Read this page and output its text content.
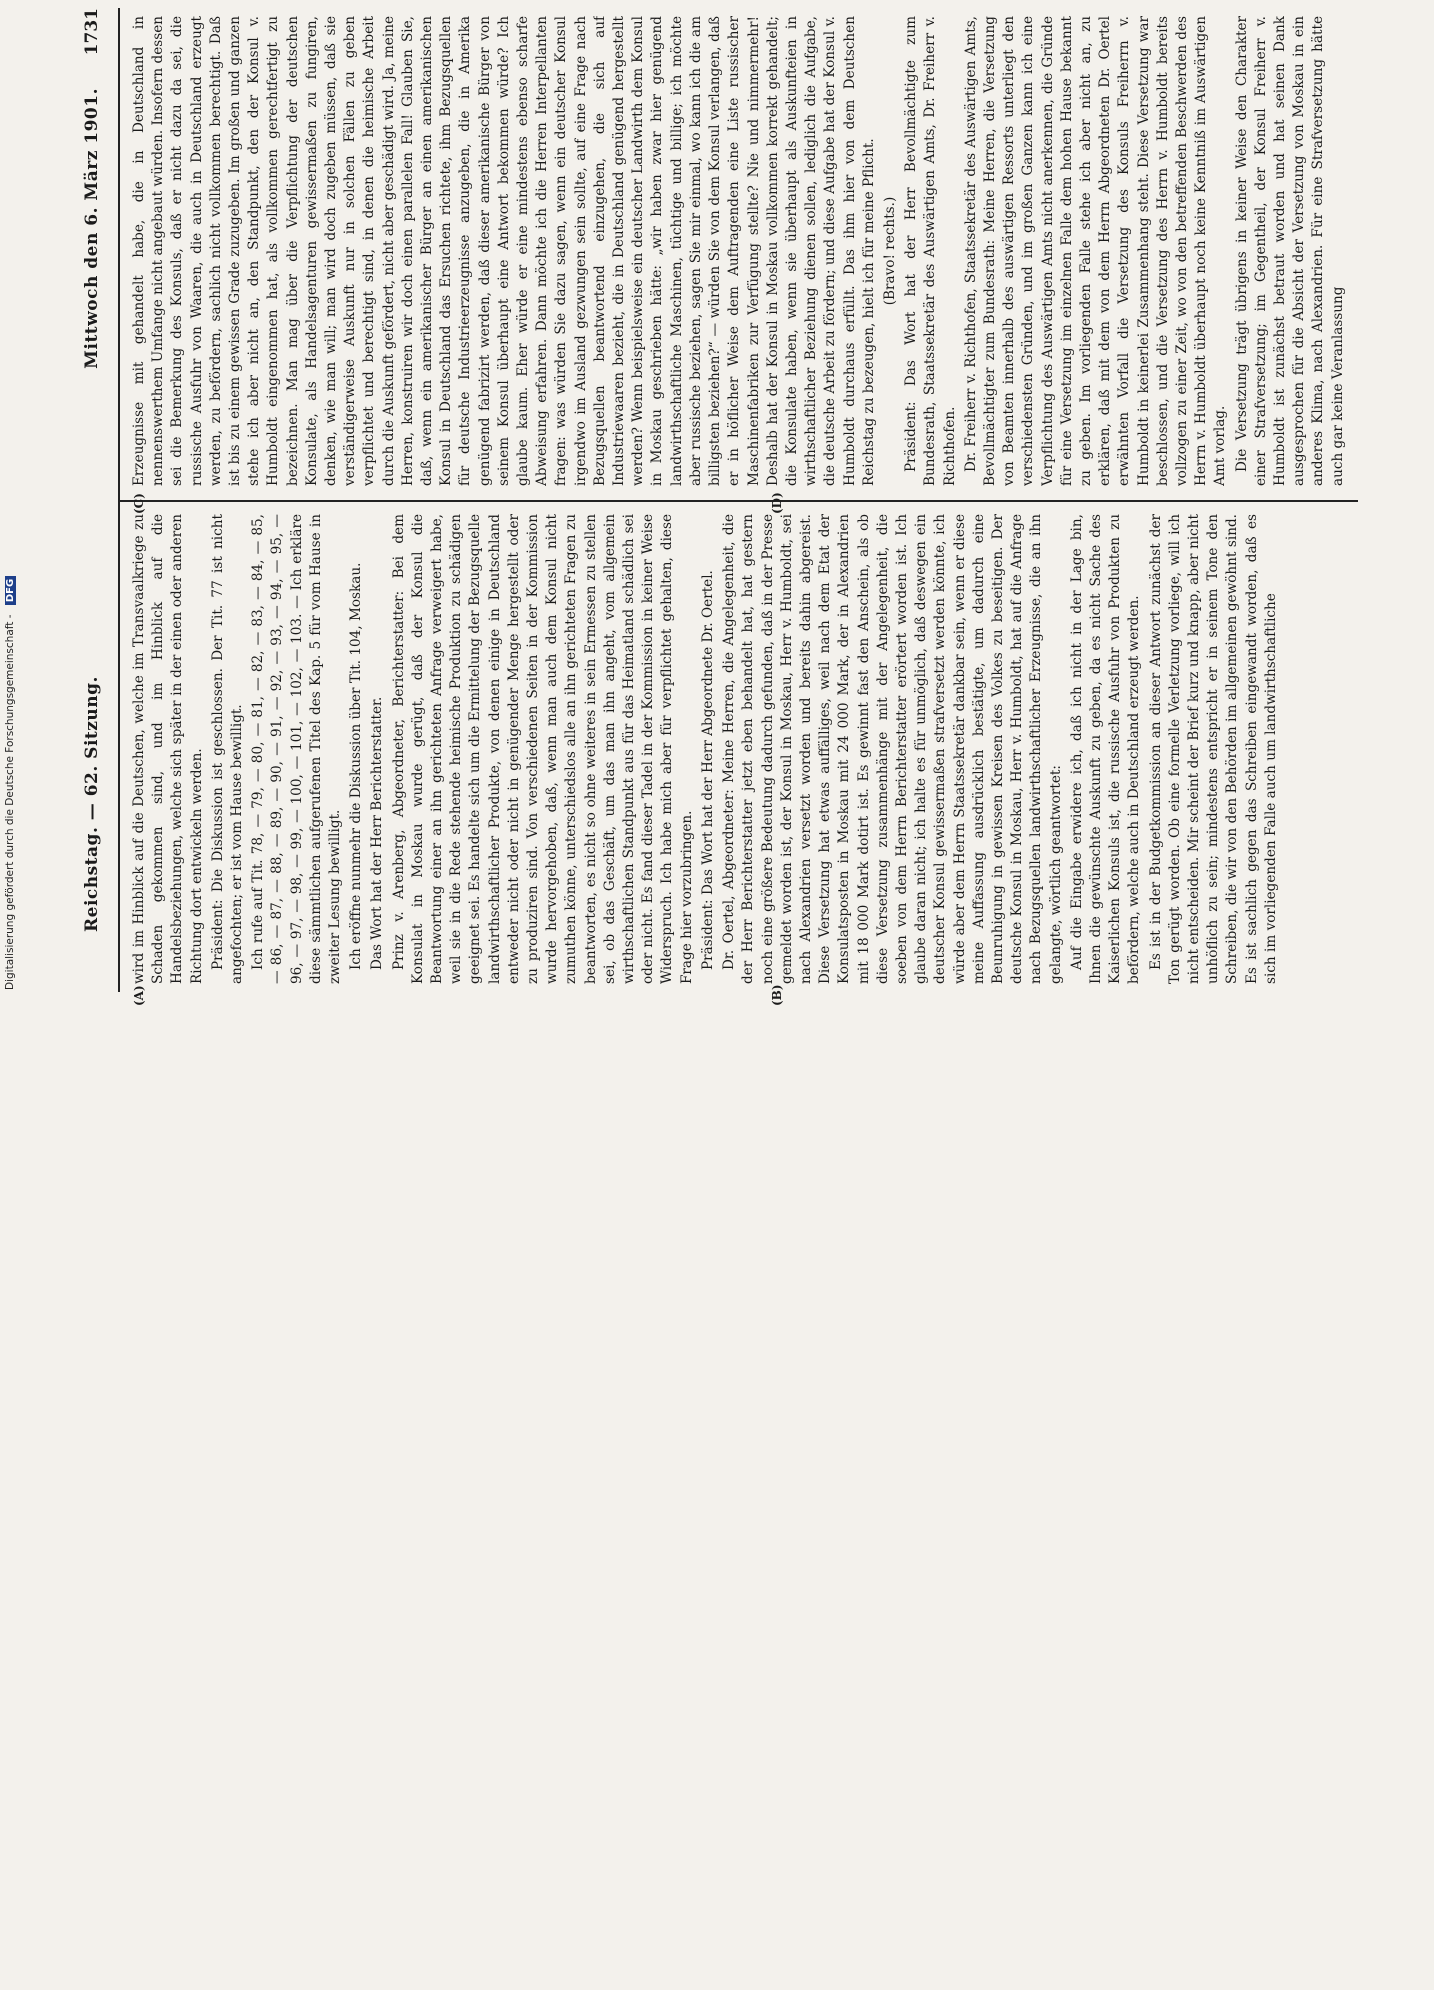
Reichstag. — 62. Sitzung.
Mittwoch den 6. März 1901.
1731
(A)	(B)
(C)	(D)

wird im Hinblick auf die Deutschen, welche im Transvaalkriege zu Schaden gekommen sind, und im Hinblick auf die Handelsbeziehungen, welche sich später in der einen oder anderen Richtung dort entwickeln werden. Präsident: Die Diskussion ist geschlossen. Der Tit. 77 ist nicht angefochten; er ist vom Hause bewilligt. Ich rufe auf Tit. 78, — 79, — 80, — 81, — 82, — 83, — 84, — 85, — 86, — 87, — 88, — 89, — 90, — 91, — 92, — 93, — 94, — 95, — 96, — 97, — 98, — 99, — 100, — 101, — 102, — 103. — Ich erkläre diese sämmtlichen aufgerufenen Titel des Kap. 5 für vom Hause in zweiter Lesung bewilligt. Ich eröffne nunmehr die Diskussion über Tit. 104, Moskau. Das Wort hat der Herr Berichterstatter. Prinz v. Arenberg, Abgeordneter, Berichterstatter: Bei dem Konsulat in Moskau wurde gerügt, daß der Konsul die Beantwortung einer an ihn gerichteten Anfrage verweigert habe, weil sie in die Rede stehende heimische Produktion zu schädigen geeignet sei. Es handelte sich um die Ermittelung der Bezugsquelle landwirthschaftlicher Produkte, von denen einige in Deutschland entweder nicht oder nicht in genügender Menge hergestellt oder zu produziren sind. Von verschiedenen Seiten in der Kommission wurde hervorgehoben, daß, wenn man auch dem Konsul nicht zumuthen könne, unterschiedslos alle an ihn gerichteten Fragen zu beantworten, es nicht so ohne weiteres in sein Ermessen zu stellen sei, ob das Geschäft, um das man ihn angeht, vom allgemein wirthschaftlichen Standpunkt aus für das Heimatland schädlich sei oder nicht. Es fand dieser Tadel in der Kommission in keiner Weise Widerspruch. Ich habe mich aber für verpflichtet gehalten, diese Frage hier vorzubringen. Präsident: Das Wort hat der Herr Abgeordnete Dr. Oertel. Dr. Oertel, Abgeordneter: Meine Herren, die Angelegenheit, die der Herr Berichterstatter jetzt eben behandelt hat, hat gestern noch eine größere Bedeutung dadurch gefunden, daß in der Presse gemeldet worden ist, der Konsul in Moskau, Herr v. Humboldt, sei nach Alexandrien versetzt worden und bereits dahin abgereist. Diese Versetzung hat etwas auffälliges, weil nach dem Etat der Konsulatsposten in Moskau mit 24 000 Mark, der in Alexandrien mit 18 000 Mark dotirt ist. Es gewinnt fast den Anschein, als ob diese Versetzung zusammenhänge mit der Angelegenheit, die soeben von dem Herrn Berichterstatter erörtert worden ist. Ich glaube daran nicht; ich halte es für unmöglich, daß deswegen ein deutscher Konsul gewissermaßen strafversetzt werden könnte, ich würde aber dem Herrn Staatssekretär dankbar sein, wenn er diese meine Auffassung ausdrücklich bestätigte, um dadurch eine Beunruhigung in gewissen Kreisen des Volkes zu beseitigen. Der deutsche Konsul in Moskau, Herr v. Humboldt, hat auf die Anfrage nach Bezugsquellen landwirthschaftlicher Erzeugnisse, die an ihn gelangte, wörtlich geantwortet: Auf die Eingabe erwidere ich, daß ich nicht in der Lage bin, Ihnen die gewünschte Auskunft zu geben, da es nicht Sache des Kaiserlichen Konsuls ist, die russische Ausfuhr von Produkten zu befördern, welche auch in Deutschland erzeugt werden. Es ist in der Budgetkommission an dieser Antwort zunächst der Ton gerügt worden. Ob eine formelle Verletzung vorliege, will ich nicht entscheiden. Mir scheint der Brief kurz und knapp, aber nicht unhöflich zu sein; mindestens entspricht er in seinem Tone den Schreiben, die wir von den Behörden im allgemeinen gewöhnt sind. Es ist sachlich gegen das Schreiben eingewandt worden, daß es sich im vorliegenden Falle auch um landwirthschaftliche

Erzeugnisse mit gehandelt habe, die in Deutschland in nennenswerthem Umfange nicht angebaut würden. Insofern dessen sei die Bemerkung des Konsuls, daß er nicht dazu da sei, die russische Ausfuhr von Waaren, die auch in Deutschland erzeugt werden, zu befördern, sachlich nicht vollkommen berechtigt. Daß ist bis zu einem gewissen Grade zuzugeben. Im großen und ganzen stehe ich aber nicht an, den Standpunkt, den der Konsul v. Humboldt eingenommen hat, als vollkommen gerechtfertigt zu bezeichnen. Man mag über die Verpflichtung der deutschen Konsulate, als Handelsagenturen gewissermaßen zu fungiren, denken, wie man will; man wird doch zugeben müssen, daß sie verständigerweise Auskunft nur in solchen Fällen zu geben verpflichtet und berechtigt sind, in denen die heimische Arbeit durch die Auskunft gefördert, nicht aber geschädigt wird. Ja, meine Herren, konstruiren wir doch einen parallelen Fall! Glauben Sie, daß, wenn ein amerikanischer Bürger an einen amerikanischen Konsul in Deutschland das Ersuchen richtete, ihm Bezugsquellen für deutsche Industrieerzeugnisse anzugeben, die in Amerika genügend fabrizirt werden, daß dieser amerikanische Bürger von seinem Konsul überhaupt eine Antwort bekommen würde? Ich glaube kaum. Eher würde er eine mindestens ebenso scharfe Abweisung erfahren. Dann möchte ich die Herren Interpellanten fragen: was würden Sie dazu sagen, wenn ein deutscher Konsul irgendwo im Ausland gezwungen sein sollte, auf eine Frage nach Bezugsquellen beantwortend einzugehen, die sich auf Industriewaaren bezieht, die in Deutschland genügend hergestellt werden? Wenn beispielsweise ein deutscher Landwirth dem Konsul in Moskau geschrieben hätte: „wir haben zwar hier genügend landwirthschaftliche Maschinen, tüchtige und billige; ich möchte aber russische beziehen, sagen Sie mir einmal, wo kann ich die am billigsten beziehen?“ — würden Sie von dem Konsul verlangen, daß er in höflicher Weise dem Auftragenden eine Liste russischer Maschinenfabriken zur Verfügung stellte? Nie und nimmermehr! Deshalb hat der Konsul in Moskau vollkommen korrekt gehandelt; die Konsulate haben, wenn sie überhaupt als Auskunfteien in wirthschaftlicher Beziehung dienen sollen, lediglich die Aufgabe, die deutsche Arbeit zu fördern; und diese Aufgabe hat der Konsul v. Humboldt durchaus erfüllt. Das ihm hier von dem Deutschen Reichstag zu bezeugen, hielt ich für meine Pflicht. (Bravo! rechts.) Präsident: Das Wort hat der Herr Bevollmächtigte zum Bundesrath, Staatssekretär des Auswärtigen Amts, Dr. Freiherr v. Richthofen. Dr. Freiherr v. Richthofen, Staatssekretär des Auswärtigen Amts, Bevollmächtigter zum Bundesrath: Meine Herren, die Versetzung von Beamten innerhalb des auswärtigen Ressorts unterliegt den verschiedensten Gründen, und im großen Ganzen kann ich eine Verpflichtung des Auswärtigen Amts nicht anerkennen, die Gründe für eine Versetzung im einzelnen Falle dem hohen Hause bekannt zu geben. Im vorliegenden Falle stehe ich aber nicht an, zu erklären, daß mit dem von dem Herrn Abgeordneten Dr. Oertel erwähnten Vorfall die Versetzung des Konsuls Freiherrn v. Humboldt in keinerlei Zusammenhang steht. Diese Versetzung war beschlossen, und die Versetzung des Herrn v. Humboldt bereits vollzogen zu einer Zeit, wo von den betreffenden Beschwerden des Herrn v. Humboldt überhaupt noch keine Kenntniß im Auswärtigen Amt vorlag. Die Versetzung trägt übrigens in keiner Weise den Charakter einer Strafversetzung; im Gegentheil, der Konsul Freiherr v. Humboldt ist zunächst betraut worden und hat seinen Dank ausgesprochen für die Absicht der Versetzung von Moskau in ein anderes Klima, nach Alexandrien. Für eine Strafversetzung hätte auch gar keine Veranlassung

Digitalisierung gefördert durch die Deutsche Forschungsgemeinschaft - DFG
